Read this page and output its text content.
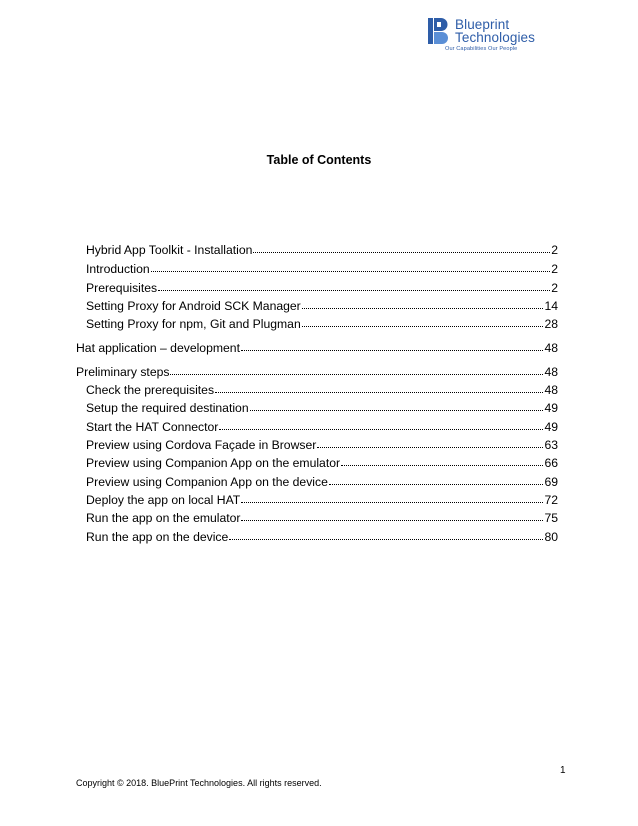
Blueprint
Technologies
Our Capabilities Our People
Table of Contents
Hybrid App Toolkit - Installation	2
Introduction	2
Prerequisites	2
Setting Proxy for Android SCK Manager	14
Setting Proxy for npm, Git and Plugman	28
Hat application – development	48
Preliminary steps	48
Check the prerequisites	48
Setup the required destination	49
Start the HAT Connector	49
Preview using Cordova Façade in Browser	63
Preview using Companion App on the emulator	66
Preview using Companion App on the device	69
Deploy the app on local HAT	72
Run the app on the emulator	75
Run the app on the device	80
1
Copyright © 2018. BluePrint Technologies. All rights reserved.
